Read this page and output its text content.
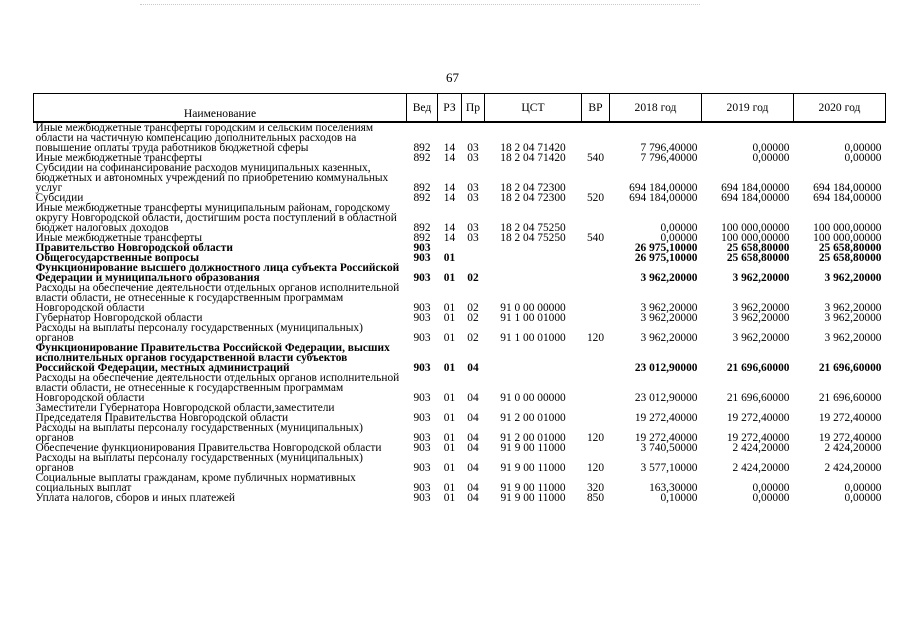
67
Наименование	Вед	РЗ	Пр	ЦСТ	ВР	2018 год	2019 год	2020 год
Иные межбюджетные трансферты городским и сельским поселениям области на частичную компенсацию дополнительных расходов на повышение оплаты труда работников бюджетной сферы	892	14	03	18 2 04 71420		7 796,40000	0,00000	0,00000
Иные межбюджетные трансферты	892	14	03	18 2 04 71420	540	7 796,40000	0,00000	0,00000
Субсидии на софинансирование расходов муниципальных казенных, бюджетных и автономных учреждений по приобретению коммунальных услуг	892	14	03	18 2 04 72300		694 184,00000	694 184,00000	694 184,00000
Субсидии	892	14	03	18 2 04 72300	520	694 184,00000	694 184,00000	694 184,00000
Иные межбюджетные трансферты муниципальным районам, городскому округу Новгородской области, достигшим роста поступлений в областной бюджет налоговых доходов	892	14	03	18 2 04 75250		0,00000	100 000,00000	100 000,00000
Иные межбюджетные трансферты	892	14	03	18 2 04 75250	540	0,00000	100 000,00000	100 000,00000
Правительство Новгородской области	903					26 975,10000	25 658,80000	25 658,80000
Общегосударственные вопросы	903	01				26 975,10000	25 658,80000	25 658,80000
Функционирование высшего должностного лица субъекта Российской Федерации и муниципального образования	903	01	02			3 962,20000	3 962,20000	3 962,20000
Расходы на обеспечение деятельности отдельных органов исполнительной власти области, не отнесенные к государственным программам Новгородской области	903	01	02	91 0 00 00000		3 962,20000	3 962,20000	3 962,20000
Губернатор Новгородской области	903	01	02	91 1 00 01000		3 962,20000	3 962,20000	3 962,20000
Расходы на выплаты персоналу государственных (муниципальных) органов	903	01	02	91 1 00 01000	120	3 962,20000	3 962,20000	3 962,20000
Функционирование Правительства Российской Федерации, высших исполнительных органов государственной власти субъектов Российской Федерации, местных администраций	903	01	04			23 012,90000	21 696,60000	21 696,60000
Расходы на обеспечение деятельности отдельных органов исполнительной власти области, не отнесенные к государственным программам Новгородской области	903	01	04	91 0 00 00000		23 012,90000	21 696,60000	21 696,60000
Заместители Губернатора Новгородской области,заместители Председателя Правительства Новгородской области	903	01	04	91 2 00 01000		19 272,40000	19 272,40000	19 272,40000
Расходы на выплаты персоналу государственных (муниципальных) органов	903	01	04	91 2 00 01000	120	19 272,40000	19 272,40000	19 272,40000
Обеспечение функционирования Правительства Новгородской области	903	01	04	91 9 00 11000		3 740,50000	2 424,20000	2 424,20000
Расходы на выплаты персоналу государственных (муниципальных) органов	903	01	04	91 9 00 11000	120	3 577,10000	2 424,20000	2 424,20000
Социальные выплаты гражданам, кроме публичных нормативных социальных выплат	903	01	04	91 9 00 11000	320	163,30000	0,00000	0,00000
Уплата налогов, сборов и иных платежей	903	01	04	91 9 00 11000	850	0,10000	0,00000	0,00000
